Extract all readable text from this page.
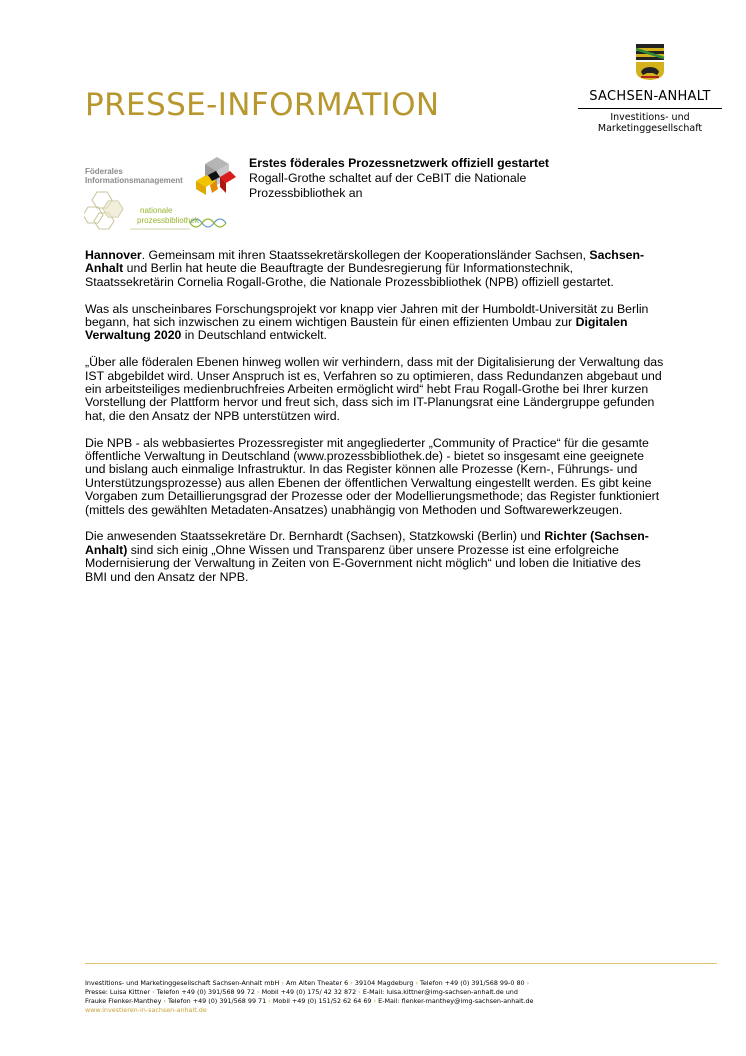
PRESSE-INFORMATION	SACHSEN-ANHALT
Investitions- und
Marketinggesellschaft
Föderales
Informationsmanagement
nationale
prozessbibliothek
Erstes föderales Prozessnetzwerk offiziell gestartet
Rogall-Grothe schaltet auf der CeBIT die Nationale Prozessbibliothek an

Hannover. Gemeinsam mit ihren Staatssekretärskollegen der Kooperationsländer Sachsen, Sachsen-Anhalt und Berlin hat heute die Beauftragte der Bundesregierung für Informationstechnik, Staatssekretärin Cornelia Rogall-Grothe, die Nationale Prozessbibliothek (NPB) offiziell gestartet.

Was als unscheinbares Forschungsprojekt vor knapp vier Jahren mit der Humboldt-Universität zu Berlin begann, hat sich inzwischen zu einem wichtigen Baustein für einen effizienten Umbau zur Digitalen Verwaltung 2020 in Deutschland entwickelt.

„Über alle föderalen Ebenen hinweg wollen wir verhindern, dass mit der Digitalisierung der Verwaltung das IST abgebildet wird. Unser Anspruch ist es, Verfahren so zu optimieren, dass Redundanzen abgebaut und ein arbeitsteiliges medienbruchfreies Arbeiten ermöglicht wird“ hebt Frau Rogall-Grothe bei Ihrer kurzen Vorstellung der Plattform hervor und freut sich, dass sich im IT-Planungsrat eine Ländergruppe gefunden hat, die den Ansatz der NPB unterstützen wird.

Die NPB - als webbasiertes Prozessregister mit angegliederter „Community of Practice“ für die gesamte öffentliche Verwaltung in Deutschland (www.prozessbibliothek.de) - bietet so insgesamt eine geeignete und bislang auch einmalige Infrastruktur. In das Register können alle Prozesse (Kern-, Führungs- und Unterstützungsprozesse) aus allen Ebenen der öffentlichen Verwaltung eingestellt werden. Es gibt keine Vorgaben zum Detaillierungsgrad der Prozesse oder der Modellierungsmethode; das Register funktioniert (mittels des gewählten Metadaten-Ansatzes) unabhängig von Methoden und Softwarewerkzeugen.

Die anwesenden Staatssekretäre Dr. Bernhardt (Sachsen), Statzkowski (Berlin) und Richter (Sachsen-Anhalt) sind sich einig „Ohne Wissen und Transparenz über unsere Prozesse ist eine erfolgreiche Modernisierung der Verwaltung in Zeiten von E-Government nicht möglich“ und loben die Initiative des BMI und den Ansatz der NPB.

Investitions- und Marketinggesellschaft Sachsen-Anhalt mbH › Am Alten Theater 6 › 39104 Magdeburg › Telefon +49 (0) 391/568 99-0 80 ›
Presse: Luisa Kittner › Telefon +49 (0) 391/568 99 72 › Mobil +49 (0) 175/ 42 32 872 › E-Mail: luisa.kittner@img-sachsen-anhalt.de und
Frauke Flenker-Manthey › Telefon +49 (0) 391/568 99 71 › Mobil +49 (0) 151/52 62 64 69 › E-Mail: flenker-manthey@img-sachsen-anhalt.de
www.investieren-in-sachsen-anhalt.de
